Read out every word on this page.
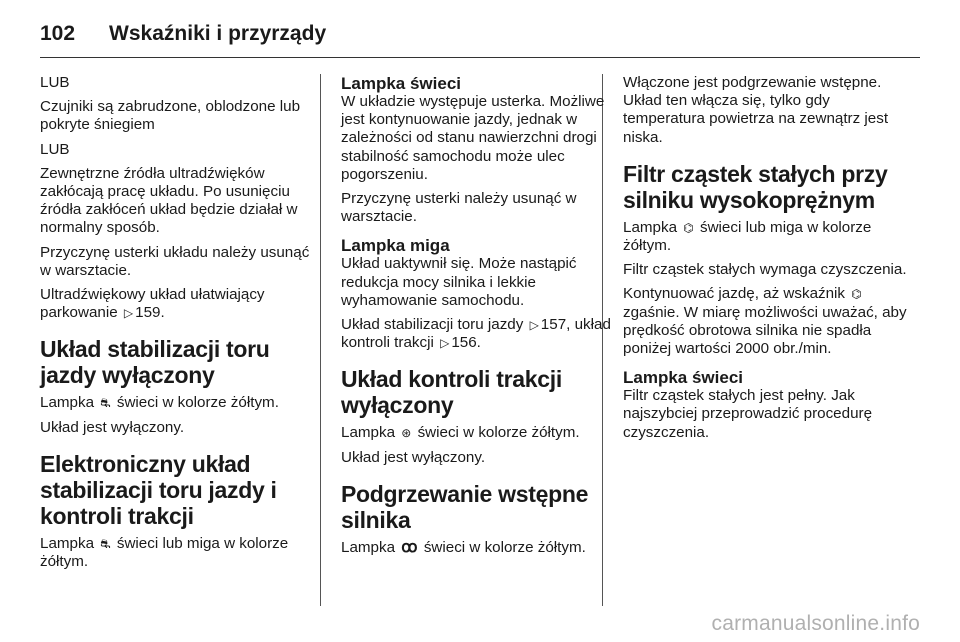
102 Wskaźniki i przyrządy

LUB

Czujniki są zabrudzone, oblodzone lub pokryte śniegiem

LUB

Zewnętrzne źródła ultradźwięków zakłócają pracę układu. Po usunięciu źródła zakłóceń układ będzie działał w normalny sposób.

Przyczynę usterki układu należy usunąć w warsztacie.

Ultradźwiękowy układ ułatwiający parkowanie ▷ 159.

Układ stabilizacji toru jazdy wyłączony

Lampka ⛐ świeci w kolorze żółtym.

Układ jest wyłączony.

Elektroniczny układ stabilizacji toru jazdy i kontroli trakcji

Lampka ⛐ świeci lub miga w kolorze żółtym.

Lampka świeci

W układzie występuje usterka. Możliwe jest kontynuowanie jazdy, jednak w zależności od stanu nawierzchni drogi stabilność samochodu może ulec pogorszeniu.

Przyczynę usterki należy usunąć w warsztacie.

Lampka miga

Układ uaktywnił się. Może nastąpić redukcja mocy silnika i lekkie wyhamowanie samochodu.

Układ stabilizacji toru jazdy ▷ 157, układ kontroli trakcji ▷ 156.

Układ kontroli trakcji wyłączony

Lampka ⊛ świeci w kolorze żółtym.

Układ jest wyłączony.

Podgrzewanie wstępne silnika

Lampka ꝏ świeci w kolorze żółtym.

Włączone jest podgrzewanie wstępne. Układ ten włącza się, tylko gdy temperatura powietrza na zewnątrz jest niska.

Filtr cząstek stałych przy silniku wysokoprężnym

Lampka ⌬ świeci lub miga w kolorze żółtym.

Filtr cząstek stałych wymaga czyszczenia.

Kontynuować jazdę, aż wskaźnik ⌬ zgaśnie. W miarę możliwości uważać, aby prędkość obrotowa silnika nie spadła poniżej wartości 2000 obr./min.

Lampka świeci

Filtr cząstek stałych jest pełny. Jak najszybciej przeprowadzić procedurę czyszczenia.

carmanualsonline.info
